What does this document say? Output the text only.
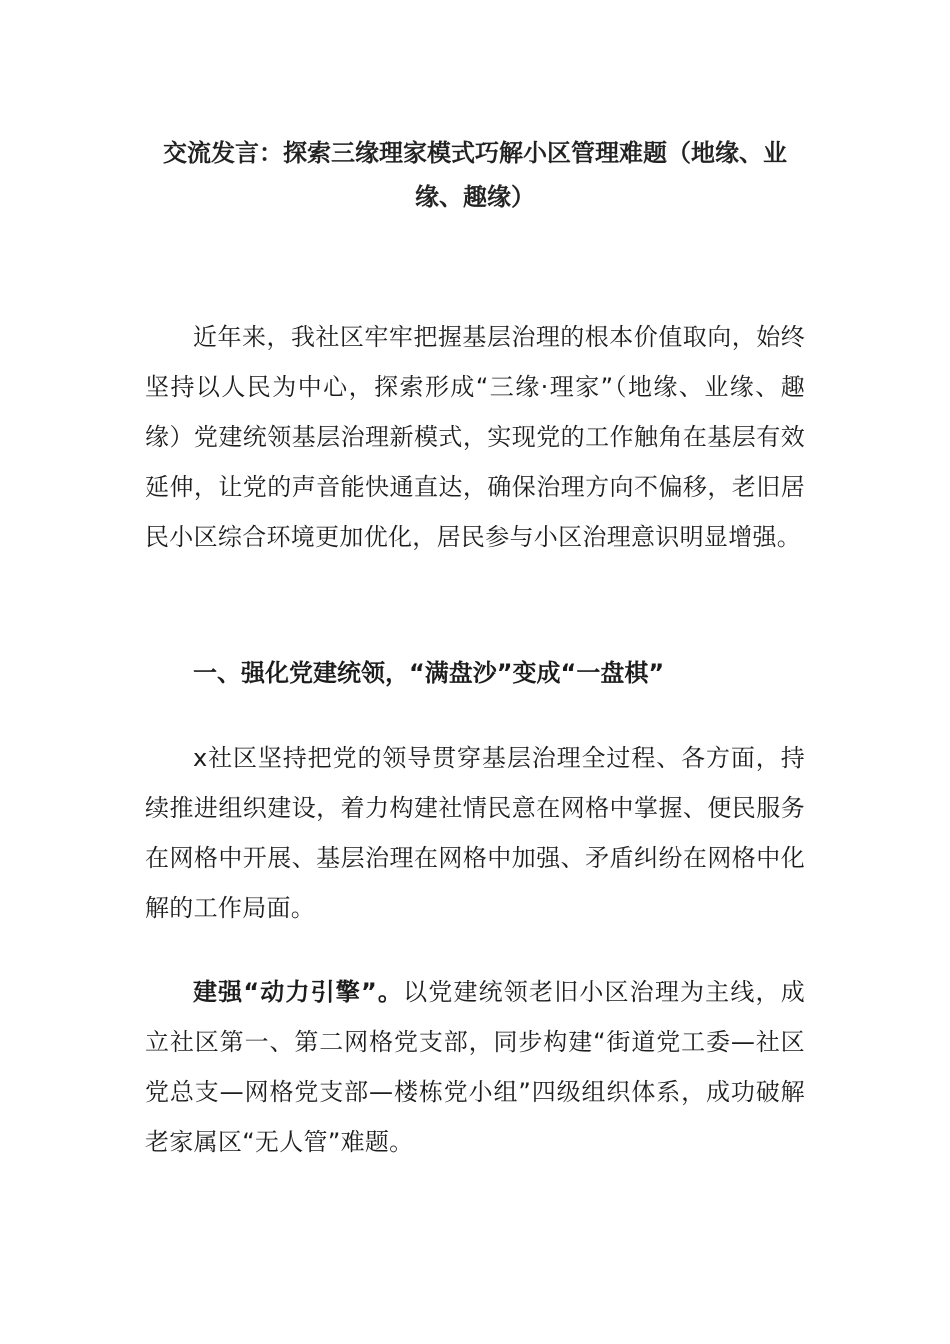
交流发言：探索三缘理家模式巧解小区管理难题（地缘、业缘、趣缘）

近年来，我社区牢牢把握基层治理的根本价值取向，始终坚持以人民为中心，探索形成“三缘·理家”（地缘、业缘、趣缘）党建统领基层治理新模式，实现党的工作触角在基层有效延伸，让党的声音能快通直达，确保治理方向不偏移，老旧居民小区综合环境更加优化，居民参与小区治理意识明显增强。

一、强化党建统领，“满盘沙”变成“一盘棋”

x社区坚持把党的领导贯穿基层治理全过程、各方面，持续推进组织建设，着力构建社情民意在网格中掌握、便民服务在网格中开展、基层治理在网格中加强、矛盾纠纷在网格中化解的工作局面。

建强“动力引擎”。以党建统领老旧小区治理为主线，成立社区第一、第二网格党支部，同步构建“街道党工委—社区党总支—网格党支部—楼栋党小组”四级组织体系，成功破解老家属区“无人管”难题。
